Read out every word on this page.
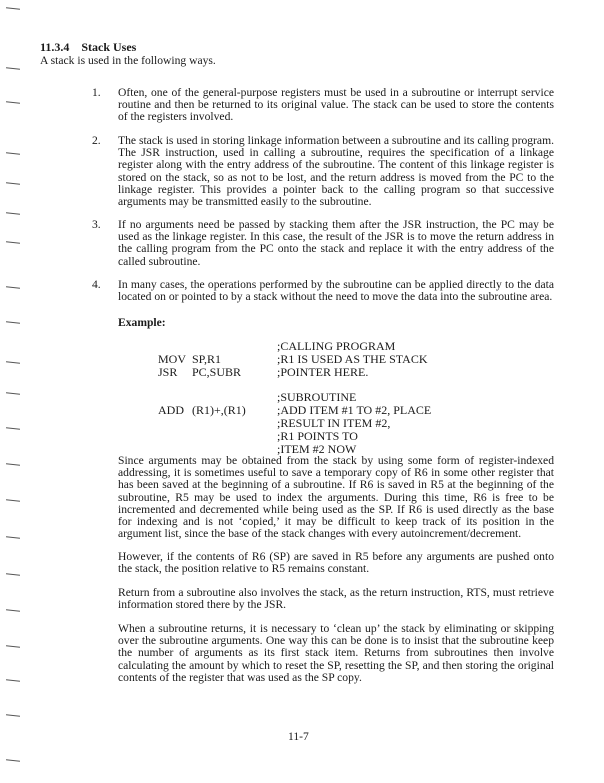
11.3.4 Stack Uses
A stack is used in the following ways.
1. Often, one of the general-purpose registers must be used in a subroutine or interrupt service routine and then be returned to its original value. The stack can be used to store the contents of the registers involved.
2. The stack is used in storing linkage information between a subroutine and its calling program. The JSR instruction, used in calling a subroutine, requires the specification of a linkage register along with the entry address of the subroutine. The content of this linkage register is stored on the stack, so as not to be lost, and the return address is moved from the PC to the linkage register. This provides a pointer back to the calling program so that successive arguments may be transmitted easily to the subroutine.
3. If no arguments need be passed by stacking them after the JSR instruction, the PC may be used as the linkage register. In this case, the result of the JSR is to move the return address in the calling program from the PC onto the stack and replace it with the entry address of the called subroutine.
4. In many cases, the operations performed by the subroutine can be applied directly to the data located on or pointed to by a stack without the need to move the data into the subroutine area.
Example:
;CALLING PROGRAM
MOV SP,R1	;R1 IS USED AS THE STACK
JSR PC,SUBR	;POINTER HERE.
;SUBROUTINE
ADD (R1)+,(R1)	;ADD ITEM #1 TO #2, PLACE
;RESULT IN ITEM #2,
;R1 POINTS TO
;ITEM #2 NOW
Since arguments may be obtained from the stack by using some form of register-indexed addressing, it is sometimes useful to save a temporary copy of R6 in some other register that has been saved at the beginning of a subroutine. If R6 is saved in R5 at the beginning of the subroutine, R5 may be used to index the arguments. During this time, R6 is free to be incremented and decremented while being used as the SP. If R6 is used directly as the base for indexing and is not ‘copied,’ it may be difficult to keep track of its position in the argument list, since the base of the stack changes with every autoincrement/decrement.
However, if the contents of R6 (SP) are saved in R5 before any arguments are pushed onto the stack, the position relative to R5 remains constant.
Return from a subroutine also involves the stack, as the return instruction, RTS, must retrieve information stored there by the JSR.
When a subroutine returns, it is necessary to ‘clean up’ the stack by eliminating or skipping over the subroutine arguments. One way this can be done is to insist that the subroutine keep the number of arguments as its first stack item. Returns from subroutines then involve calculating the amount by which to reset the SP, resetting the SP, and then storing the original contents of the register that was used as the SP copy.
11-7
